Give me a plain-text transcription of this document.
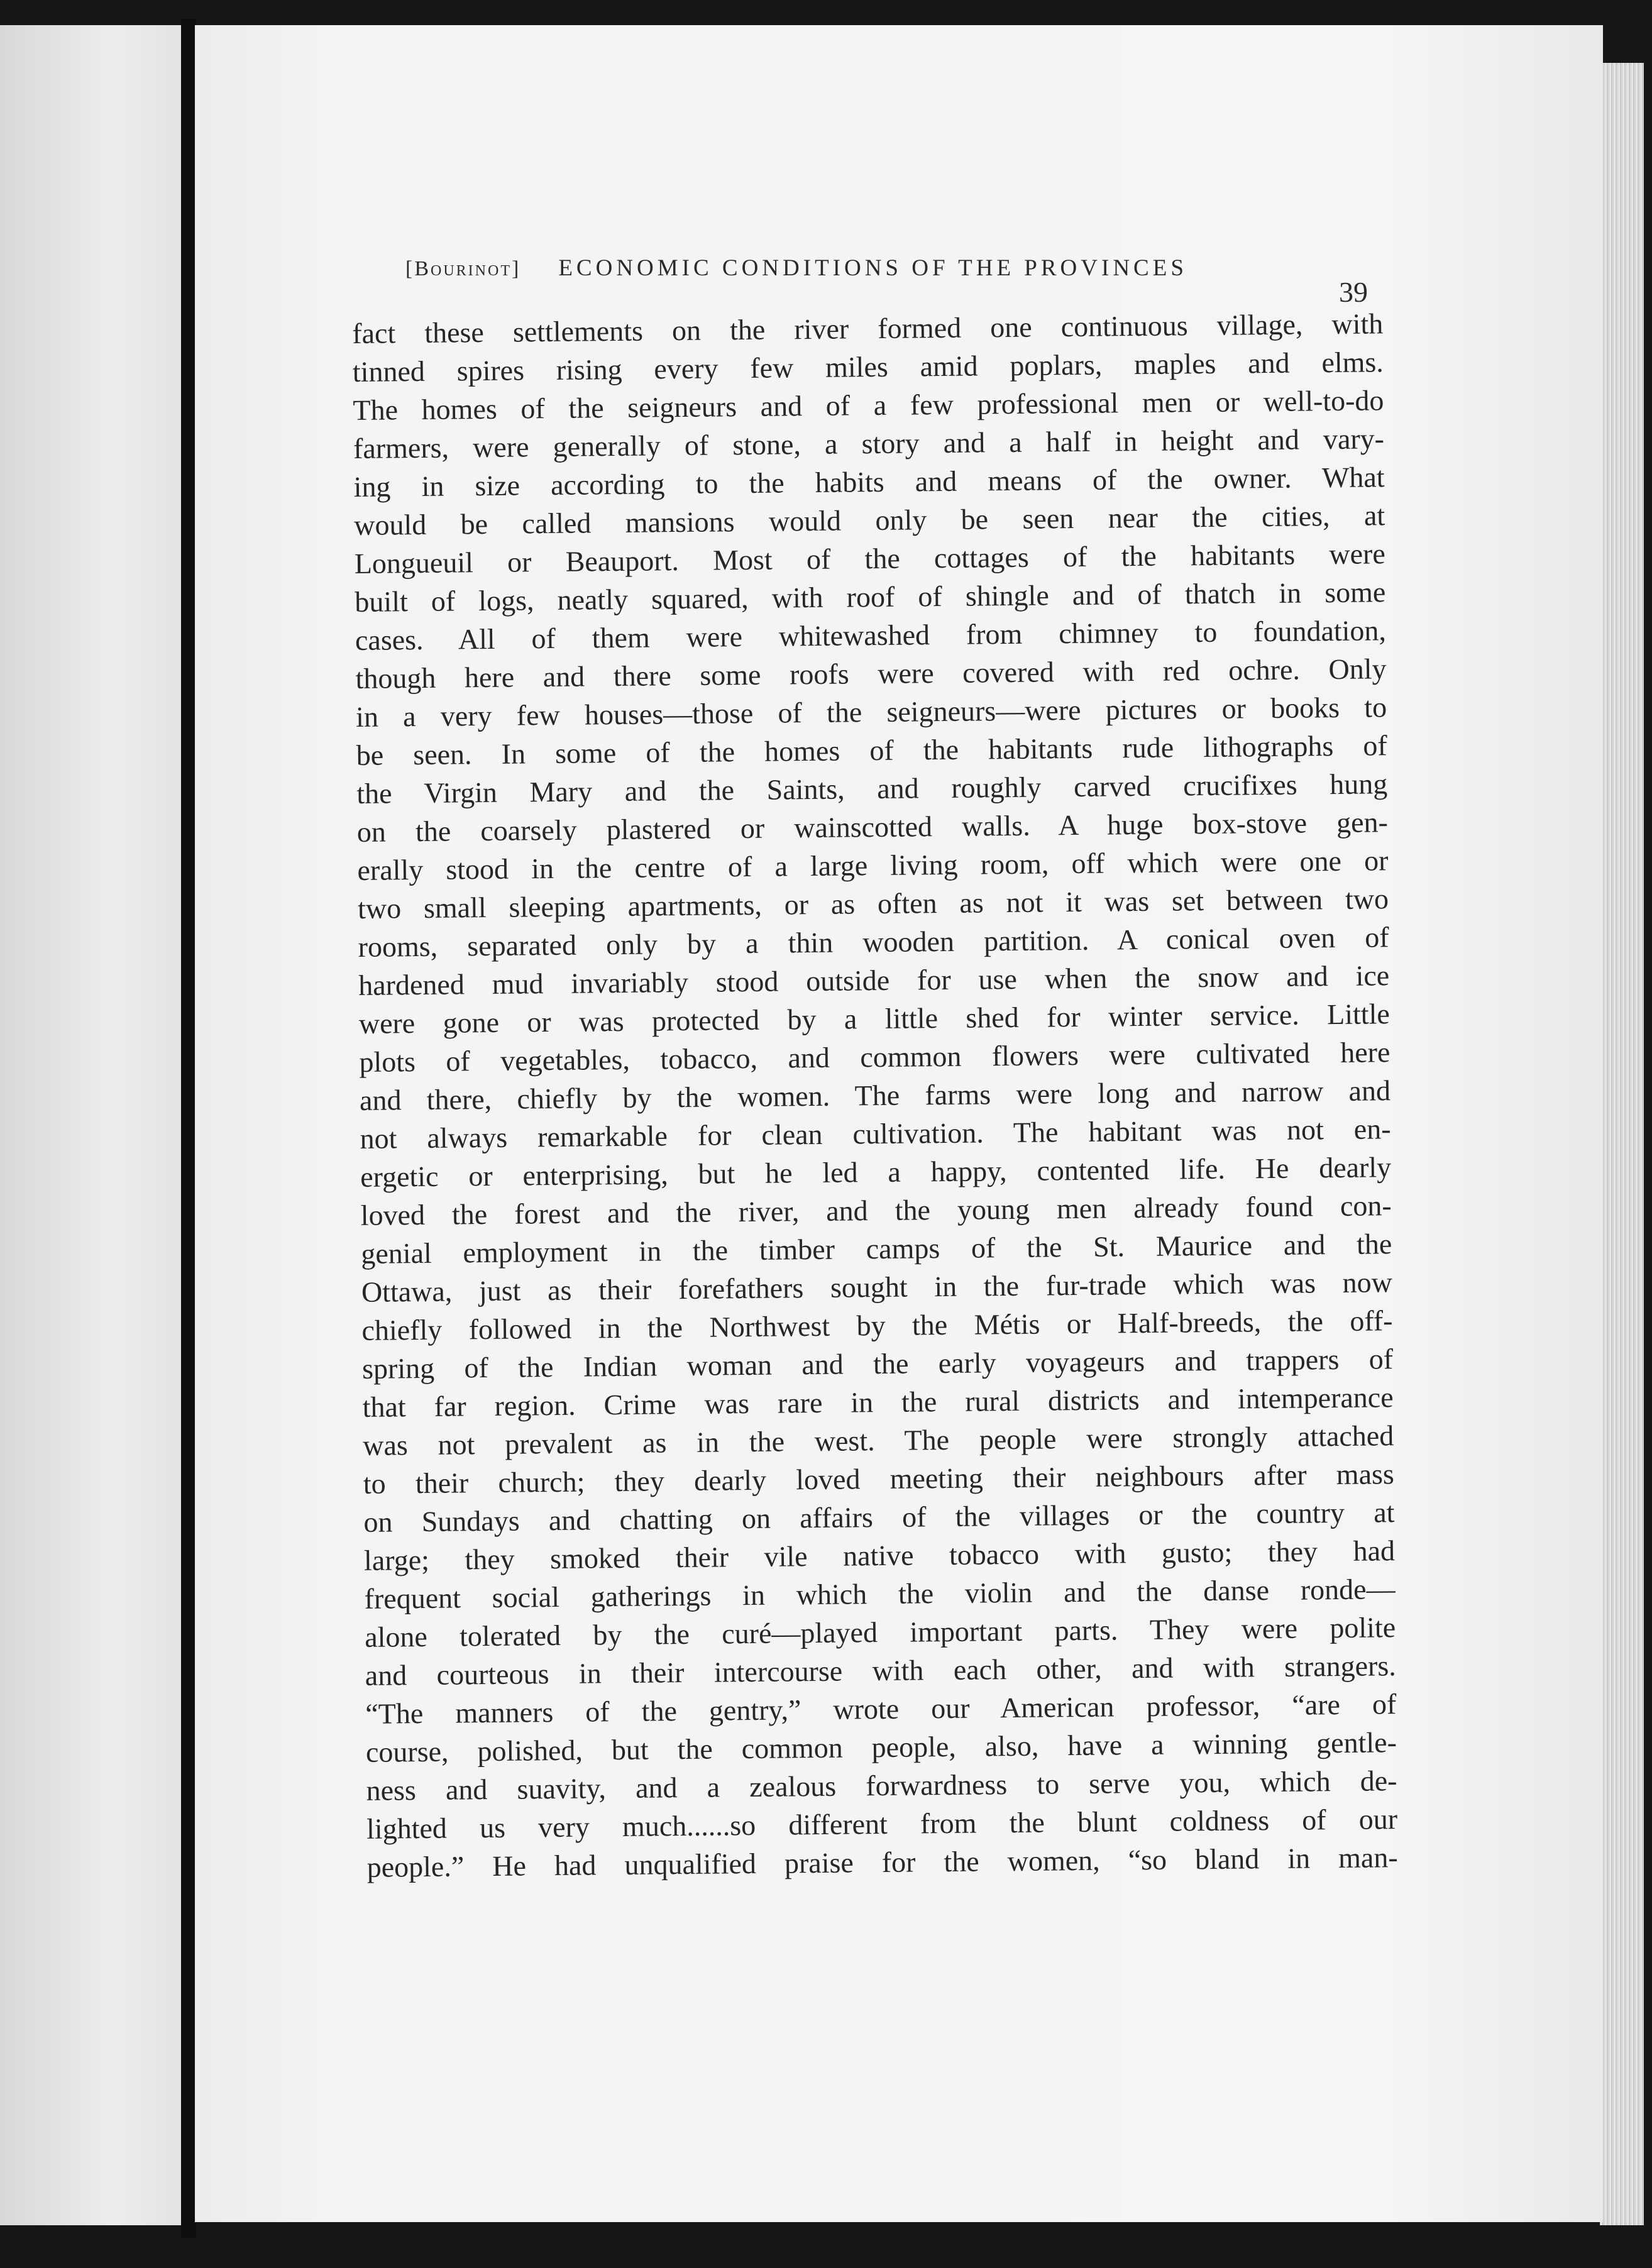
[Bourinot] ECONOMIC CONDITIONS OF THE PROVINCES
39
fact these settlements on the river formed one continuous village, with
tinned spires rising every few miles amid poplars, maples and elms.
The homes of the seigneurs and of a few professional men or well-to-do
farmers, were generally of stone, a story and a half in height and vary-
ing in size according to the habits and means of the owner. What
would be called mansions would only be seen near the cities, at
Longueuil or Beauport. Most of the cottages of the habitants were
built of logs, neatly squared, with roof of shingle and of thatch in some
cases. All of them were whitewashed from chimney to foundation,
though here and there some roofs were covered with red ochre. Only
in a very few houses—those of the seigneurs—were pictures or books to
be seen. In some of the homes of the habitants rude lithographs of
the Virgin Mary and the Saints, and roughly carved crucifixes hung
on the coarsely plastered or wainscotted walls. A huge box-stove gen-
erally stood in the centre of a large living room, off which were one or
two small sleeping apartments, or as often as not it was set between two
rooms, separated only by a thin wooden partition. A conical oven of
hardened mud invariably stood outside for use when the snow and ice
were gone or was protected by a little shed for winter service. Little
plots of vegetables, tobacco, and common flowers were cultivated here
and there, chiefly by the women. The farms were long and narrow and
not always remarkable for clean cultivation. The habitant was not en-
ergetic or enterprising, but he led a happy, contented life. He dearly
loved the forest and the river, and the young men already found con-
genial employment in the timber camps of the St. Maurice and the
Ottawa, just as their forefathers sought in the fur-trade which was now
chiefly followed in the Northwest by the Métis or Half-breeds, the off-
spring of the Indian woman and the early voyageurs and trappers of
that far region. Crime was rare in the rural districts and intemperance
was not prevalent as in the west. The people were strongly attached
to their church; they dearly loved meeting their neighbours after mass
on Sundays and chatting on affairs of the villages or the country at
large; they smoked their vile native tobacco with gusto; they had
frequent social gatherings in which the violin and the danse ronde—
alone tolerated by the curé—played important parts. They were polite
and courteous in their intercourse with each other, and with strangers.
“The manners of the gentry,” wrote our American professor, “are of
course, polished, but the common people, also, have a winning gentle-
ness and suavity, and a zealous forwardness to serve you, which de-
lighted us very much......so different from the blunt coldness of our
people.” He had unqualified praise for the women, “so bland in man-
